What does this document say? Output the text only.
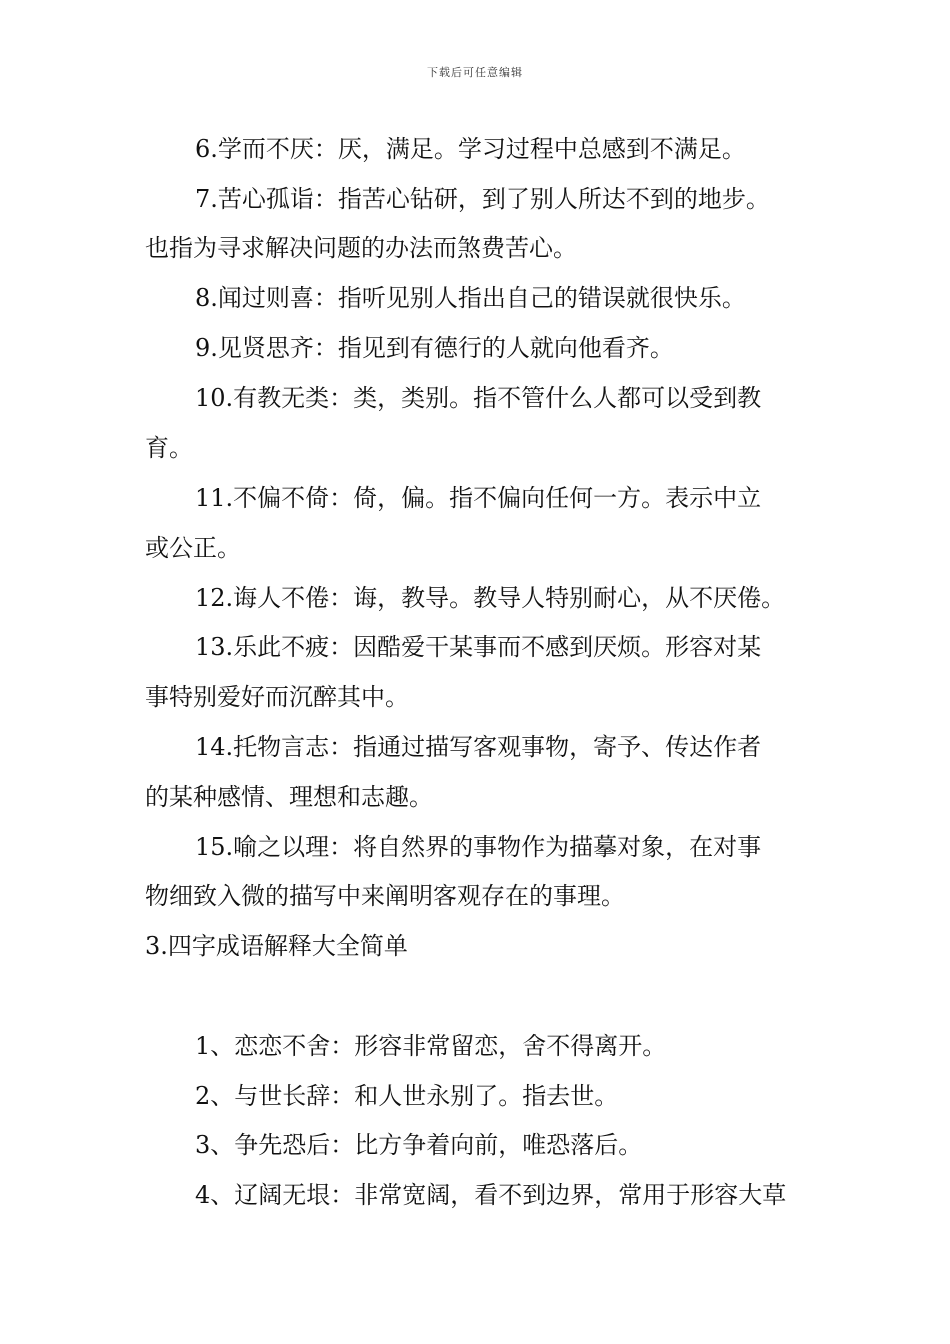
下载后可任意编辑
6.学而不厌：厌，满足。学习过程中总感到不满足。
7.苦心孤诣：指苦心钻研，到了别人所达不到的地步。
也指为寻求解决问题的办法而煞费苦心。
8.闻过则喜：指听见别人指出自己的错误就很快乐。
9.见贤思齐：指见到有德行的人就向他看齐。
10.有教无类：类，类别。指不管什么人都可以受到教
育。
11.不偏不倚：倚，偏。指不偏向任何一方。表示中立
或公正。
12.诲人不倦：诲，教导。教导人特别耐心，从不厌倦。
13.乐此不疲：因酷爱干某事而不感到厌烦。形容对某
事特别爱好而沉醉其中。
14.托物言志：指通过描写客观事物，寄予、传达作者
的某种感情、理想和志趣。
15.喻之以理：将自然界的事物作为描摹对象，在对事
物细致入微的描写中来阐明客观存在的事理。
3.四字成语解释大全简单
1、恋恋不舍：形容非常留恋，舍不得离开。
2、与世长辞：和人世永别了。指去世。
3、争先恐后：比方争着向前，唯恐落后。
4、辽阔无垠：非常宽阔，看不到边界，常用于形容大草
